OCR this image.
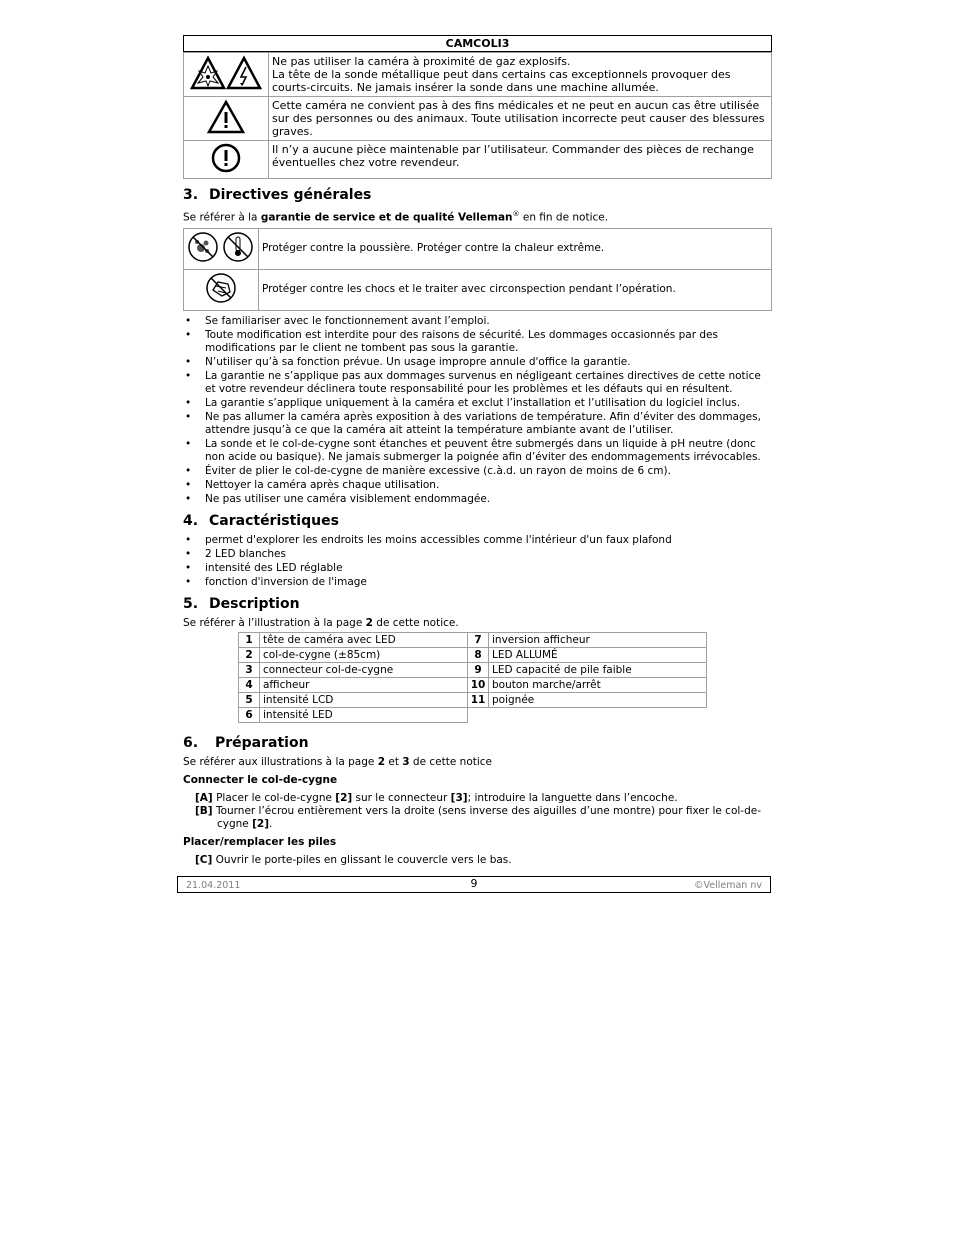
CAMCOLI3

Ne pas utiliser la caméra à proximité de gaz explosifs.
La tête de la sonde métallique peut dans certains cas exceptionnels provoquer des courts-circuits. Ne jamais insérer la sonde dans une machine allumée.

Cette caméra ne convient pas à des fins médicales et ne peut en aucun cas être utilisée sur des personnes ou des animaux. Toute utilisation incorrecte peut causer des blessures graves.

Il n’y a aucune pièce maintenable par l’utilisateur. Commander des pièces de rechange éventuelles chez votre revendeur.
3. Directives générales

Se référer à la garantie de service et de qualité Velleman® en fin de notice.

	Protéger contre la poussière. Protéger contre la chaleur extrême.
	Protéger contre les chocs et le traiter avec circonspection pendant l’opération.
• Se familiariser avec le fonctionnement avant l’emploi.
• Toute modification est interdite pour des raisons de sécurité. Les dommages occasionnés par des modifications par le client ne tombent pas sous la garantie.
• N’utiliser qu’à sa fonction prévue. Un usage impropre annule d'office la garantie.
• La garantie ne s’applique pas aux dommages survenus en négligeant certaines directives de cette notice et votre revendeur déclinera toute responsabilité pour les problèmes et les défauts qui en résultent.
• La garantie s’applique uniquement à la caméra et exclut l’installation et l’utilisation du logiciel inclus.
• Ne pas allumer la caméra après exposition à des variations de température. Afin d’éviter des dommages, attendre jusqu’à ce que la caméra ait atteint la température ambiante avant de l’utiliser.
• La sonde et le col-de-cygne sont étanches et peuvent être submergés dans un liquide à pH neutre (donc non acide ou basique). Ne jamais submerger la poignée afin d’éviter des endommagements irrévocables.
• Éviter de plier le col-de-cygne de manière excessive (c.à.d. un rayon de moins de 6 cm).
• Nettoyer la caméra après chaque utilisation.
• Ne pas utiliser une caméra visiblement endommagée.
4. Caractéristiques
• permet d'explorer les endroits les moins accessibles comme l'intérieur d'un faux plafond
• 2 LED blanches
• intensité des LED réglable
• fonction d'inversion de l'image
5. Description

Se référer à l’illustration à la page 2 de cette notice.

1	tête de caméra avec LED	7	inversion afficheur
2	col-de-cygne (±85cm)	8	LED ALLUMÉ
3	connecteur col-de-cygne	9	LED capacité de pile faible
4	afficheur	10	bouton marche/arrêt
5	intensité LCD	11	poignée
6	intensité LED		
6. Préparation

Se référer aux illustrations à la page 2 et 3 de cette notice

Connecter le col-de-cygne

[A] Placer le col-de-cygne [2] sur le connecteur [3]; introduire la languette dans l’encoche.

[B] Tourner l’écrou entièrement vers la droite (sens inverse des aiguilles d’une montre) pour fixer le col-de-cygne [2].

Placer/remplacer les piles

[C] Ouvrir le porte-piles en glissant le couvercle vers le bas.

21.04.2011	9	©Velleman nv
